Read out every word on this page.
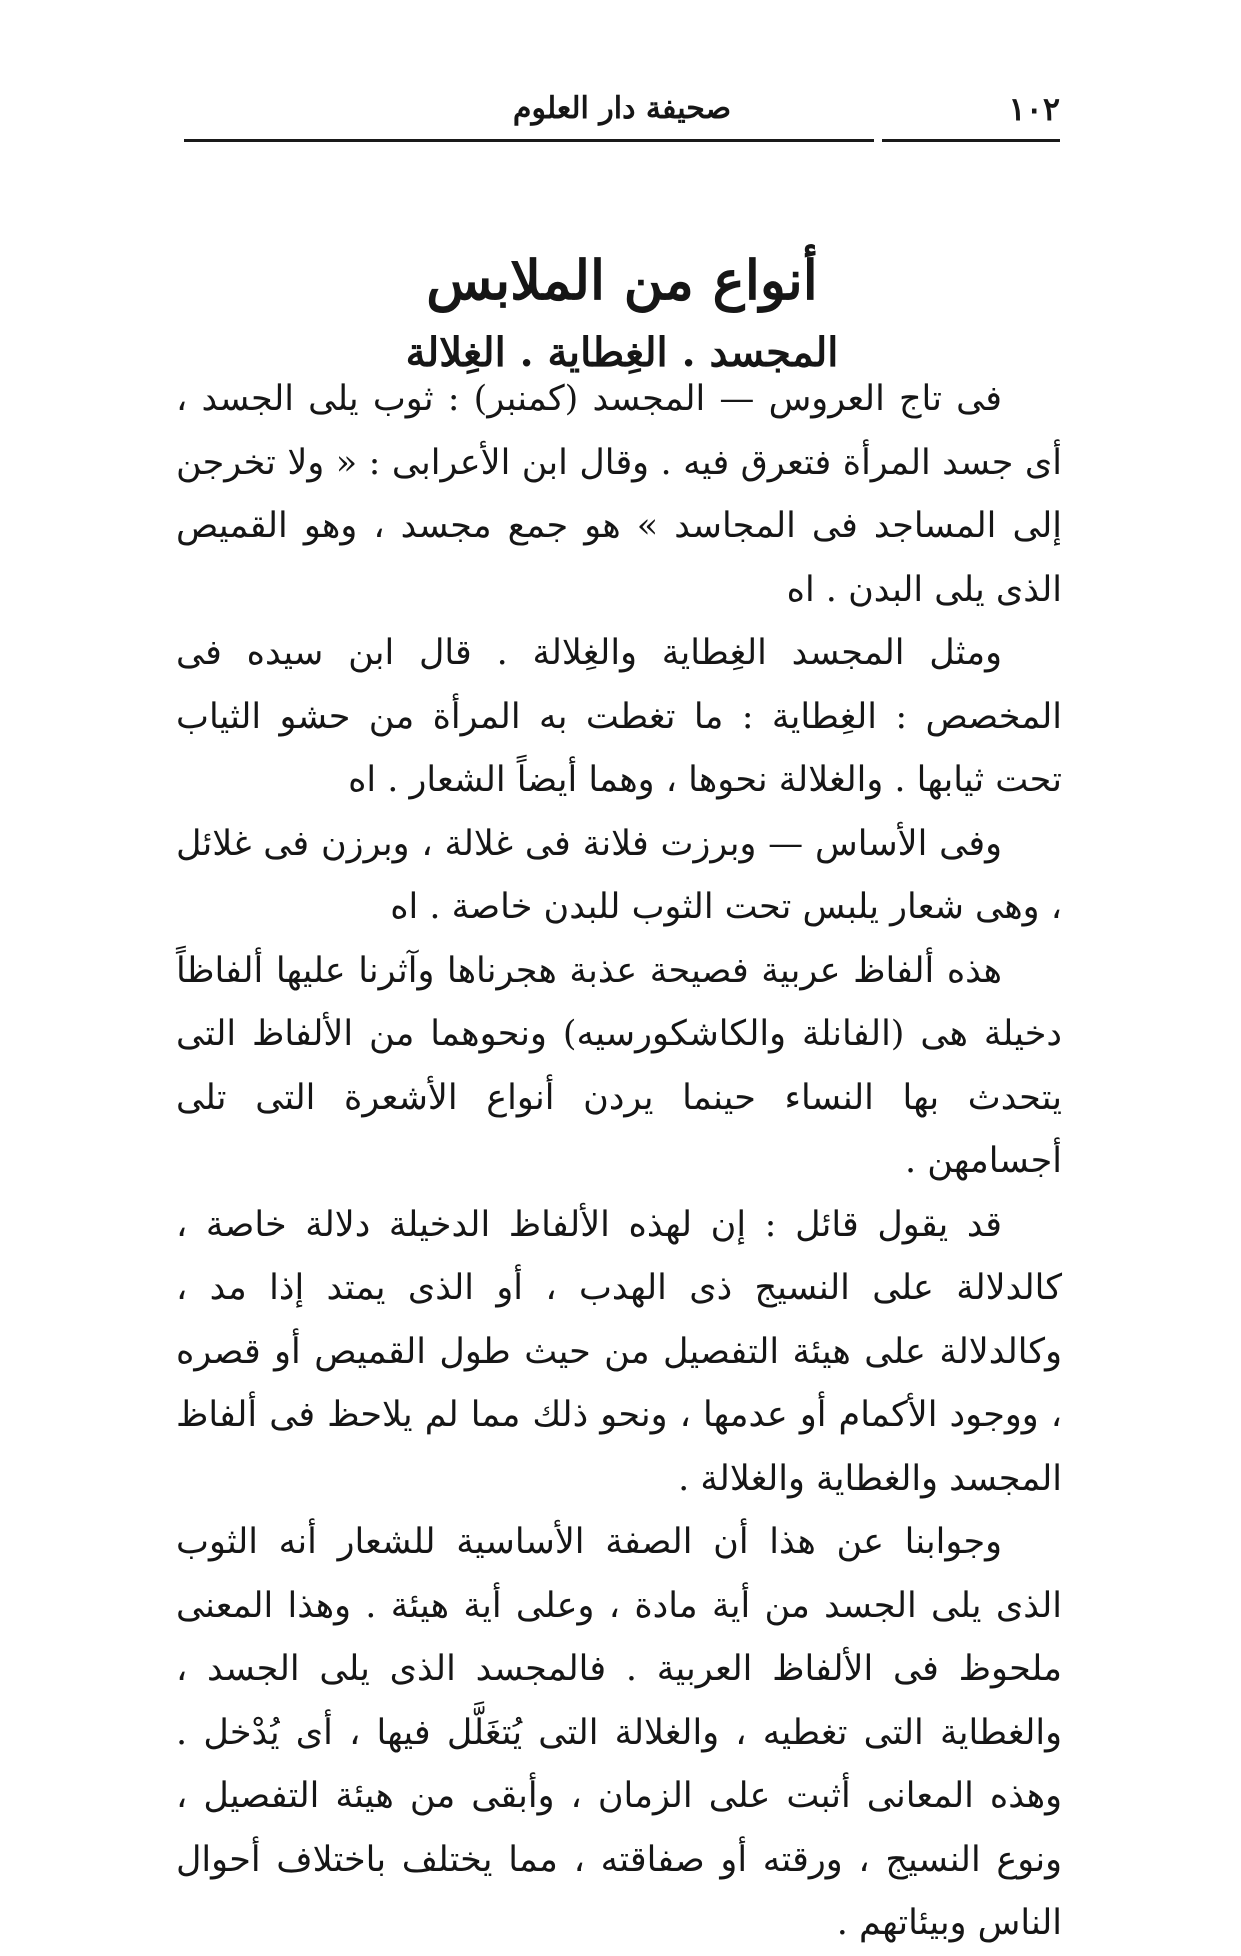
١٠٢
صحيفة دار العلوم
أنواع من الملابس
المجسد . الغِطاية . الغِلالة

فى تاج العروس — المجسد (كمنبر) : ثوب يلى الجسد ، أى جسد المرأة فتعرق فيه . وقال ابن الأعرابى : « ولا تخرجن إلى المساجد فى المجاسد » هو جمع مجسد ، وهو القميص الذى يلى البدن . اه

ومثل المجسد الغِطاية والغِلالة . قال ابن سيده فى المخصص : الغِطاية : ما تغطت به المرأة من حشو الثياب تحت ثيابها . والغلالة نحوها ، وهما أيضاً الشعار . اه

وفى الأساس — وبرزت فلانة فى غلالة ، وبرزن فى غلائل ، وهى شعار يلبس تحت الثوب للبدن خاصة . اه

هذه ألفاظ عربية فصيحة عذبة هجرناها وآثرنا عليها ألفاظاً دخيلة هى (الفانلة والكاشكورسيه) ونحوهما من الألفاظ التى يتحدث بها النساء حينما يردن أنواع الأشعرة التى تلى أجسامهن .

قد يقول قائل : إن لهذه الألفاظ الدخيلة دلالة خاصة ، كالدلالة على النسيج ذى الهدب ، أو الذى يمتد إذا مد ، وكالدلالة على هيئة التفصيل من حيث طول القميص أو قصره ، ووجود الأكمام أو عدمها ، ونحو ذلك مما لم يلاحظ فى ألفاظ المجسد والغطاية والغلالة .

وجوابنا عن هذا أن الصفة الأساسية للشعار أنه الثوب الذى يلى الجسد من أية مادة ، وعلى أية هيئة . وهذا المعنى ملحوظ فى الألفاظ العربية . فالمجسد الذى يلى الجسد ، والغطاية التى تغطيه ، والغلالة التى يُتغَلَّل فيها ، أى يُدْخل . وهذه المعانى أثبت على الزمان ، وأبقى من هيئة التفصيل ، ونوع النسيج ، ورقته أو صفاقته ، مما يختلف باختلاف أحوال الناس وبيئاتهم .
